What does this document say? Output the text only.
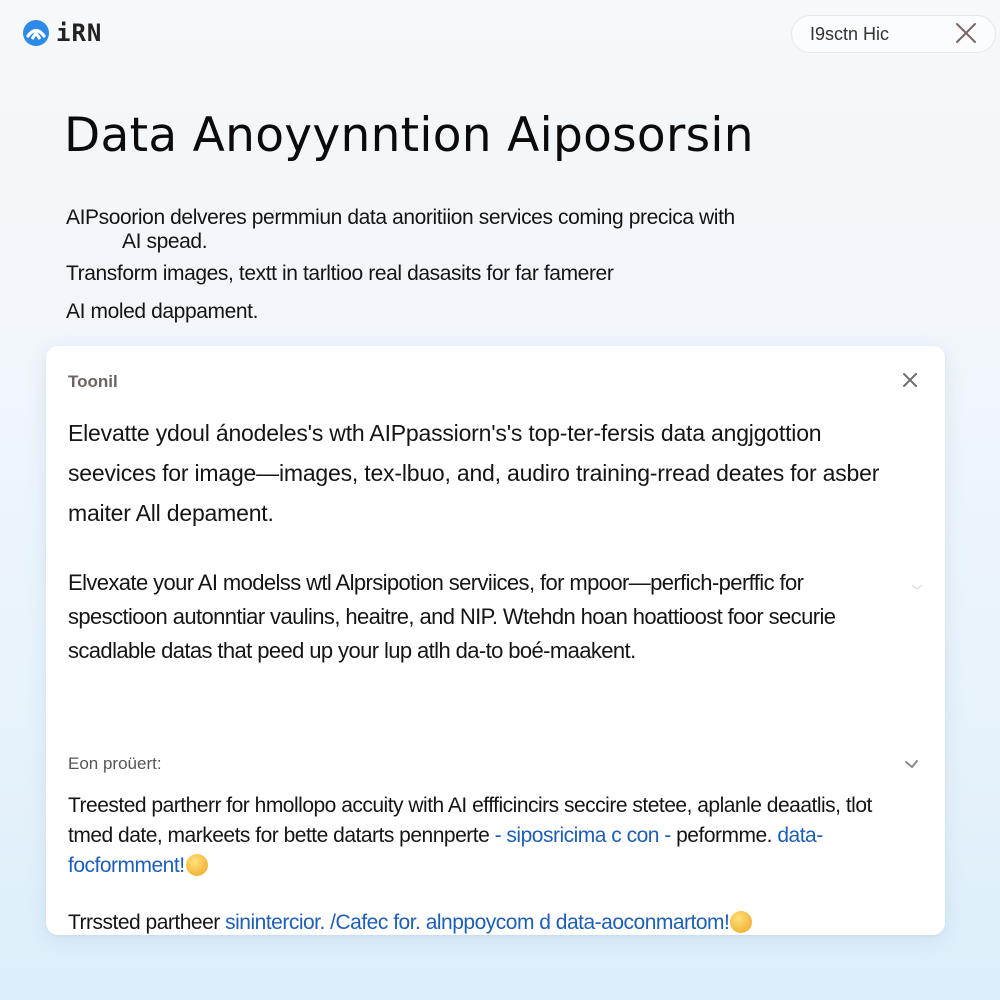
iRN	I9sctn Hic
Data Anoyynntion Aiposorsin
AIPsoorion delveres permmiun data anoritiion services coming precica with
AI spead.
Transform images, textt in tarltioo real dasasits for far famerer
AI moled dappament.
Toonil

Elevatte ydoul ánodeles's wth AIPpassiorn's's top-ter-fersis data angjgottion seevices for image—images, tex-lbuo, and, audiro training-rread deates for asber maiter All depament.

Elvexate your AI modelss wtl Alprsipotion serviices, for mpoor—perfich-perffic for spesctioon autonntiar vaulins, heaitre, and NIP. Wtehdn hoan hoattioost foor securie scadlable datas that peed up your lup atlh da-to boé-maakent.

Eon proüert:

Treested partherr for hmollopo accuity with AI effficincirs seccire stetee, aplanle deaatlis, tlot tmed date, markeets for bette datarts pennperte - siposricima c con - peformme. data-focformment!

Trrssted partheer sinintercior. /Cafec for. alnppoycom d data-aoconmartom!
